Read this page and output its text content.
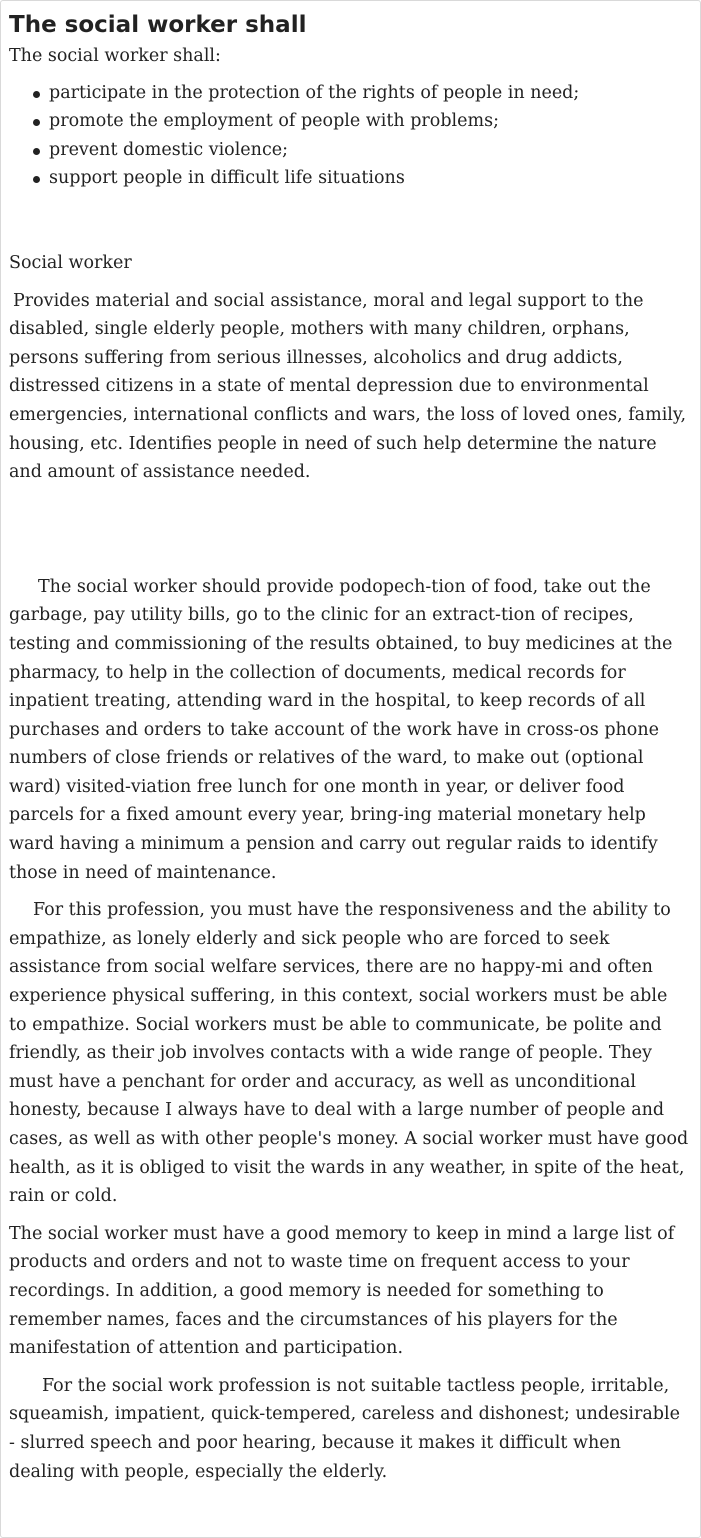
The social worker shall

The social worker shall:

participate in the protection of the rights of people in need;
promote the employment of people with problems;
prevent domestic violence;
support people in difficult life situations

Social worker

Provides material and social assistance, moral and legal support to the disabled, single elderly people, mothers with many children, orphans, persons suffering from serious illnesses, alcoholics and drug addicts, distressed citizens in a state of mental depression due to environmental emergencies, international conflicts and wars, the loss of loved ones, family, housing, etc. Identifies people in need of such help determine the nature and amount of assistance needed.

The social worker should provide podopech-tion of food, take out the garbage, pay utility bills, go to the clinic for an extract-tion of recipes, testing and commissioning of the results obtained, to buy medicines at the pharmacy, to help in the collection of documents, medical records for inpatient treating, attending ward in the hospital, to keep records of all purchases and orders to take account of the work have in cross-os phone numbers of close friends or relatives of the ward, to make out (optional ward) visited-viation free lunch for one month in year, or deliver food parcels for a fixed amount every year, bring-ing material monetary help ward having a minimum a pension and carry out regular raids to identify those in need of maintenance.

For this profession, you must have the responsiveness and the ability to empathize, as lonely elderly and sick people who are forced to seek assistance from social welfare services, there are no happy-mi and often experience physical suffering, in this context, social workers must be able to empathize. Social workers must be able to communicate, be polite and friendly, as their job involves contacts with a wide range of people. They must have a penchant for order and accuracy, as well as unconditional honesty, because I always have to deal with a large number of people and cases, as well as with other people's money. A social worker must have good health, as it is obliged to visit the wards in any weather, in spite of the heat, rain or cold.

The social worker must have a good memory to keep in mind a large list of products and orders and not to waste time on frequent access to your recordings. In addition, a good memory is needed for something to remember names, faces and the circumstances of his players for the manifestation of attention and participation.

For the social work profession is not suitable tactless people, irritable, squeamish, impatient, quick-tempered, careless and dishonest; undesirable - slurred speech and poor hearing, because it makes it difficult when dealing with people, especially the elderly.
